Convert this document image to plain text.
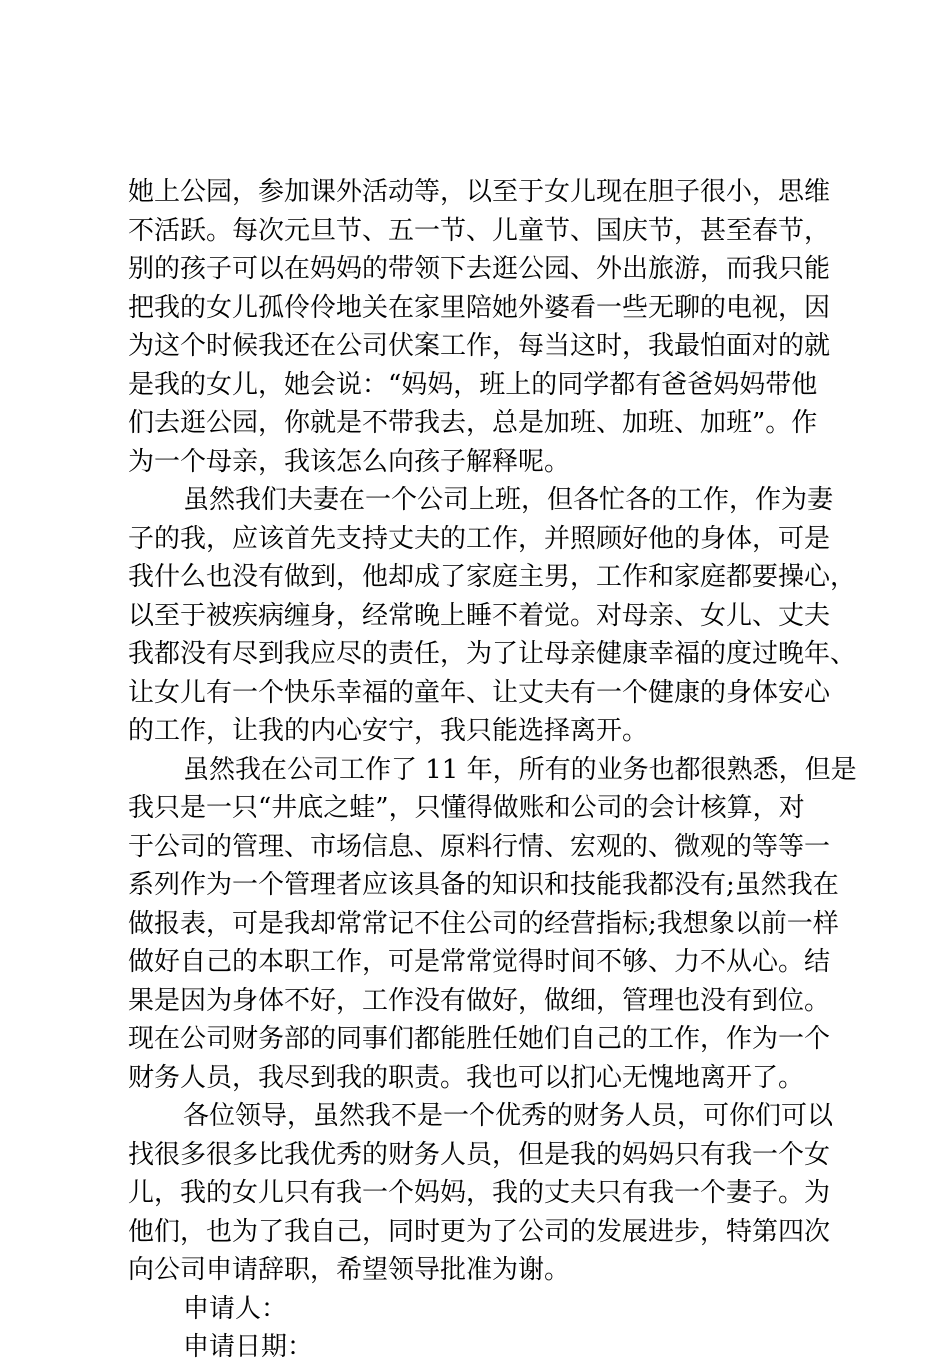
她上公园，参加课外活动等，以至于女儿现在胆子很小，思维
不活跃。每次元旦节、五一节、儿童节、国庆节，甚至春节，
别的孩子可以在妈妈的带领下去逛公园、外出旅游，而我只能
把我的女儿孤伶伶地关在家里陪她外婆看一些无聊的电视，因
为这个时候我还在公司伏案工作，每当这时，我最怕面对的就
是我的女儿，她会说：“妈妈，班上的同学都有爸爸妈妈带他
们去逛公园，你就是不带我去，总是加班、加班、加班”。作
为一个母亲，我该怎么向孩子解释呢。
虽然我们夫妻在一个公司上班，但各忙各的工作，作为妻
子的我，应该首先支持丈夫的工作，并照顾好他的身体，可是
我什么也没有做到，他却成了家庭主男，工作和家庭都要操心，
以至于被疾病缠身，经常晚上睡不着觉。对母亲、女儿、丈夫
我都没有尽到我应尽的责任，为了让母亲健康幸福的度过晚年、
让女儿有一个快乐幸福的童年、让丈夫有一个健康的身体安心
的工作，让我的内心安宁，我只能选择离开。
虽然我在公司工作了 11 年，所有的业务也都很熟悉，但是
我只是一只“井底之蛙”，只懂得做账和公司的会计核算，对
于公司的管理、市场信息、原料行情、宏观的、微观的等等一
系列作为一个管理者应该具备的知识和技能我都没有;虽然我在
做报表，可是我却常常记不住公司的经营指标;我想象以前一样
做好自己的本职工作，可是常常觉得时间不够、力不从心。结
果是因为身体不好，工作没有做好，做细，管理也没有到位。
现在公司财务部的同事们都能胜任她们自己的工作，作为一个
财务人员，我尽到我的职责。我也可以扪心无愧地离开了。
各位领导，虽然我不是一个优秀的财务人员，可你们可以
找很多很多比我优秀的财务人员，但是我的妈妈只有我一个女
儿，我的女儿只有我一个妈妈，我的丈夫只有我一个妻子。为
他们，也为了我自己，同时更为了公司的发展进步，特第四次
向公司申请辞职，希望领导批准为谢。
申请人：
申请日期：
